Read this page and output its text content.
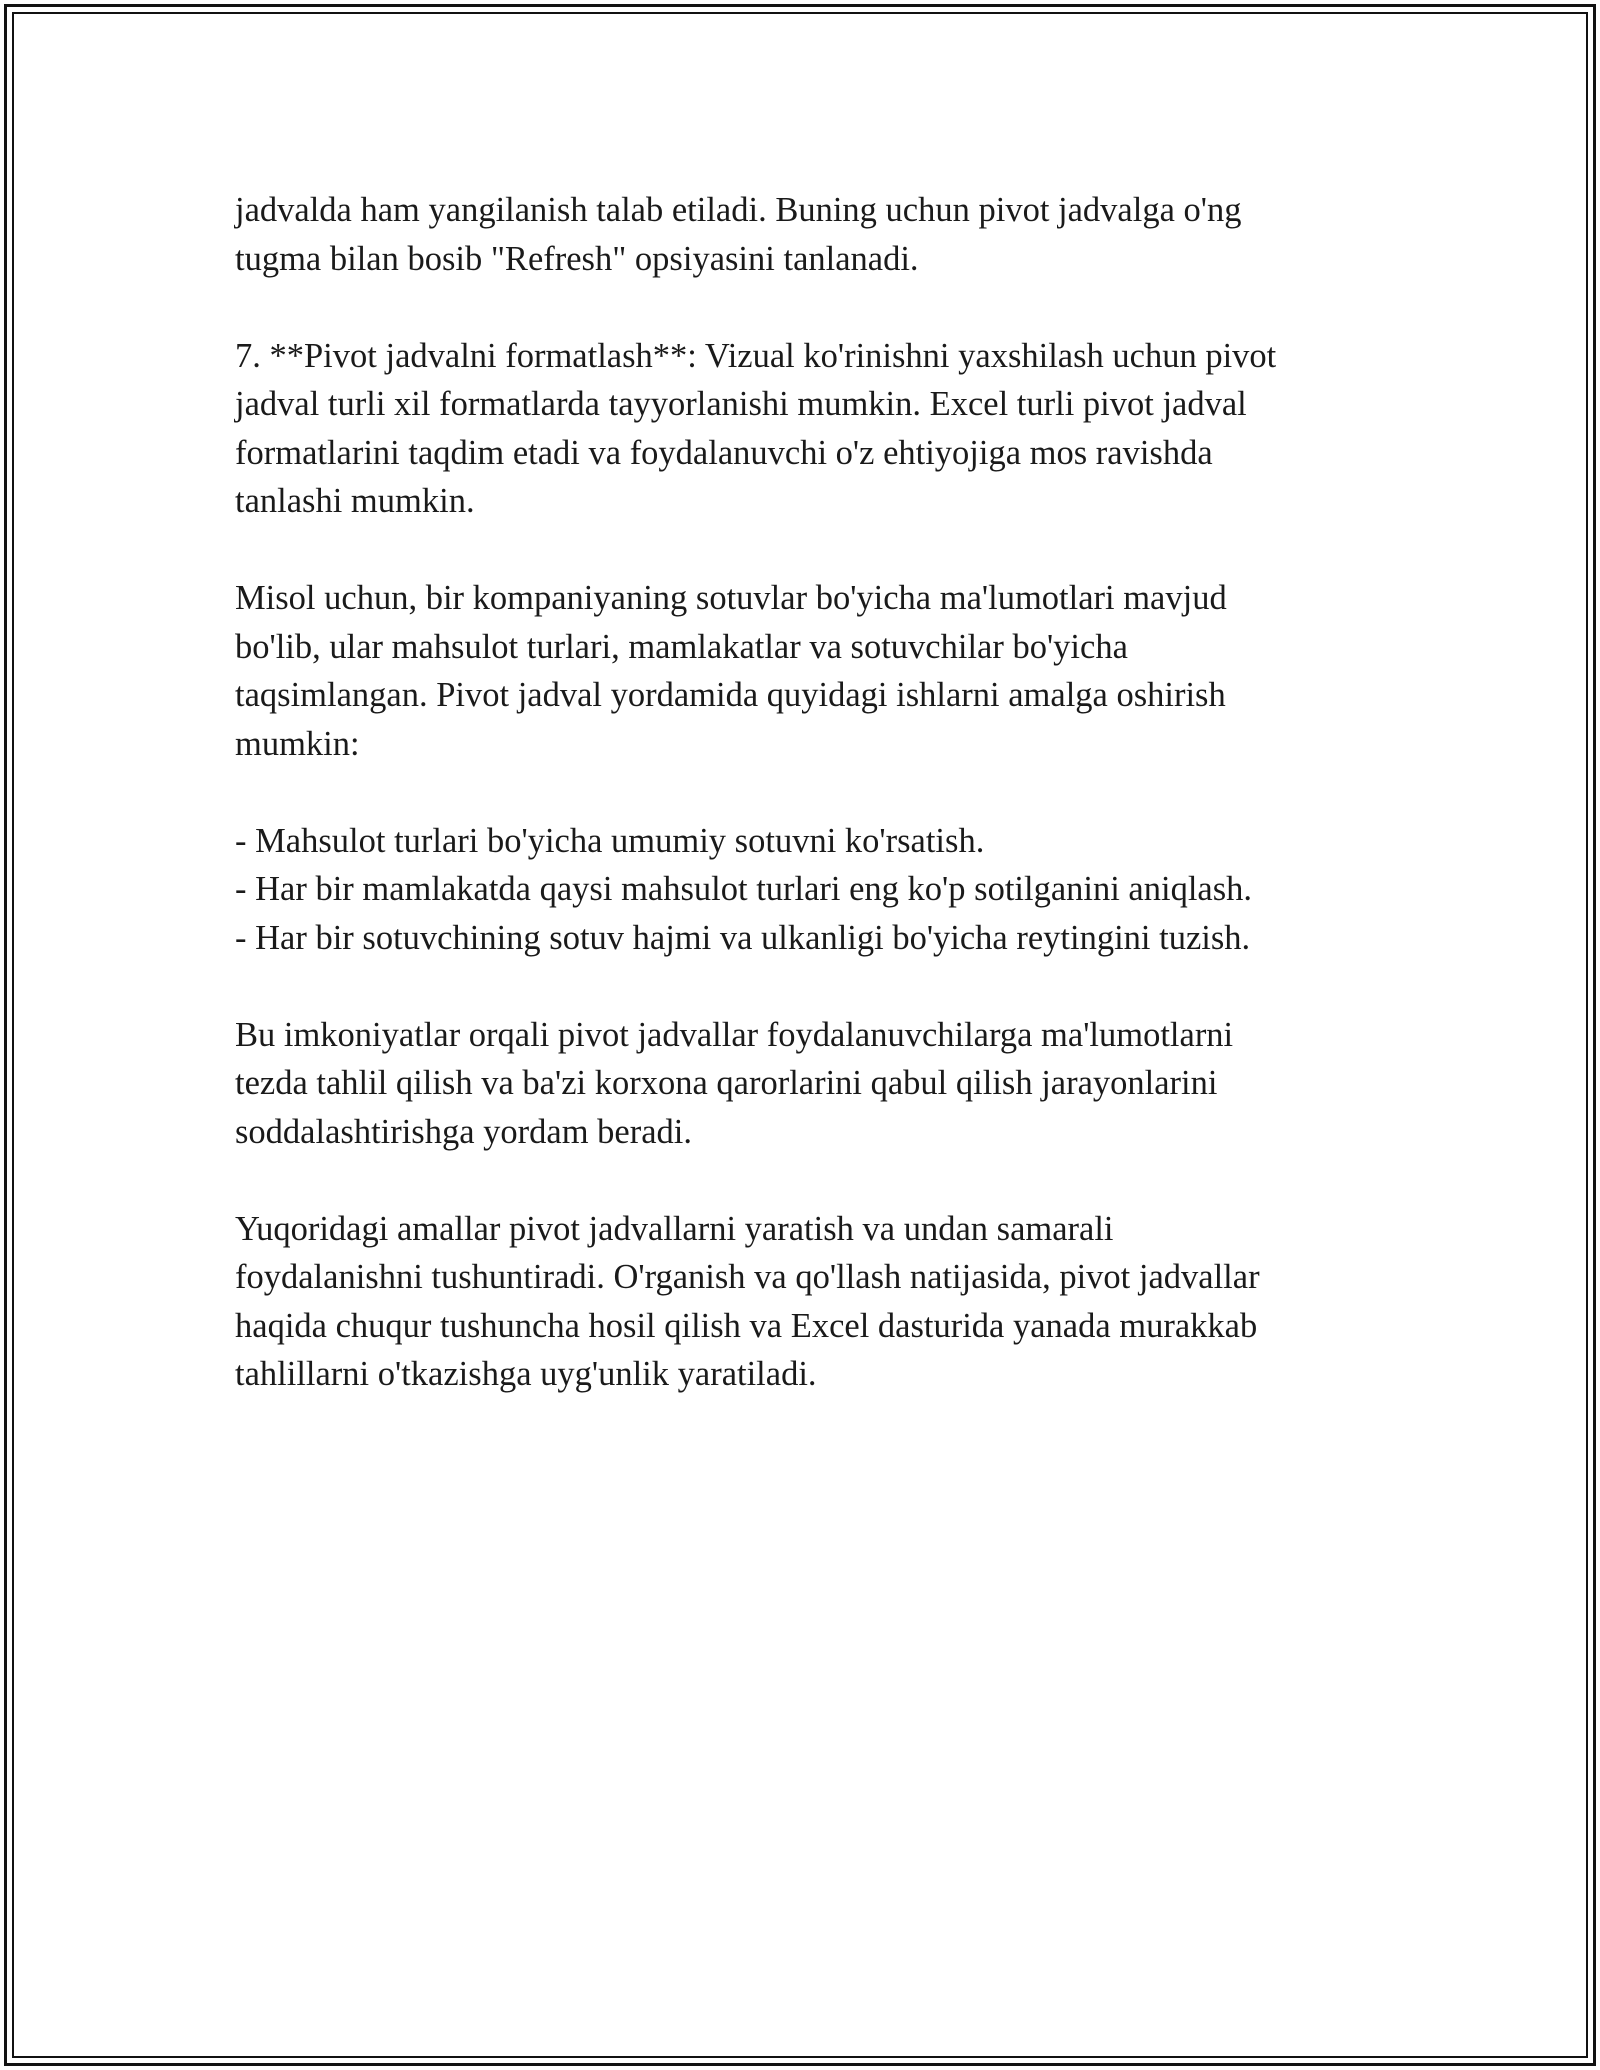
jadvalda ham yangilanish talab etiladi. Buning uchun pivot jadvalga o'ng
tugma bilan bosib "Refresh" opsiyasini tanlanadi.

7. **Pivot jadvalni formatlash**: Vizual ko'rinishni yaxshilash uchun pivot
jadval turli xil formatlarda tayyorlanishi mumkin. Excel turli pivot jadval
formatlarini taqdim etadi va foydalanuvchi o'z ehtiyojiga mos ravishda
tanlashi mumkin.

Misol uchun, bir kompaniyaning sotuvlar bo'yicha ma'lumotlari mavjud
bo'lib, ular mahsulot turlari, mamlakatlar va sotuvchilar bo'yicha
taqsimlangan. Pivot jadval yordamida quyidagi ishlarni amalga oshirish
mumkin:

- Mahsulot turlari bo'yicha umumiy sotuvni ko'rsatish.
- Har bir mamlakatda qaysi mahsulot turlari eng ko'p sotilganini aniqlash.
- Har bir sotuvchining sotuv hajmi va ulkanligi bo'yicha reytingini tuzish.

Bu imkoniyatlar orqali pivot jadvallar foydalanuvchilarga ma'lumotlarni
tezda tahlil qilish va ba'zi korxona qarorlarini qabul qilish jarayonlarini
soddalashtirishga yordam beradi.

Yuqoridagi amallar pivot jadvallarni yaratish va undan samarali
foydalanishni tushuntiradi. O'rganish va qo'llash natijasida, pivot jadvallar
haqida chuqur tushuncha hosil qilish va Excel dasturida yanada murakkab
tahlillarni o'tkazishga uyg'unlik yaratiladi.
